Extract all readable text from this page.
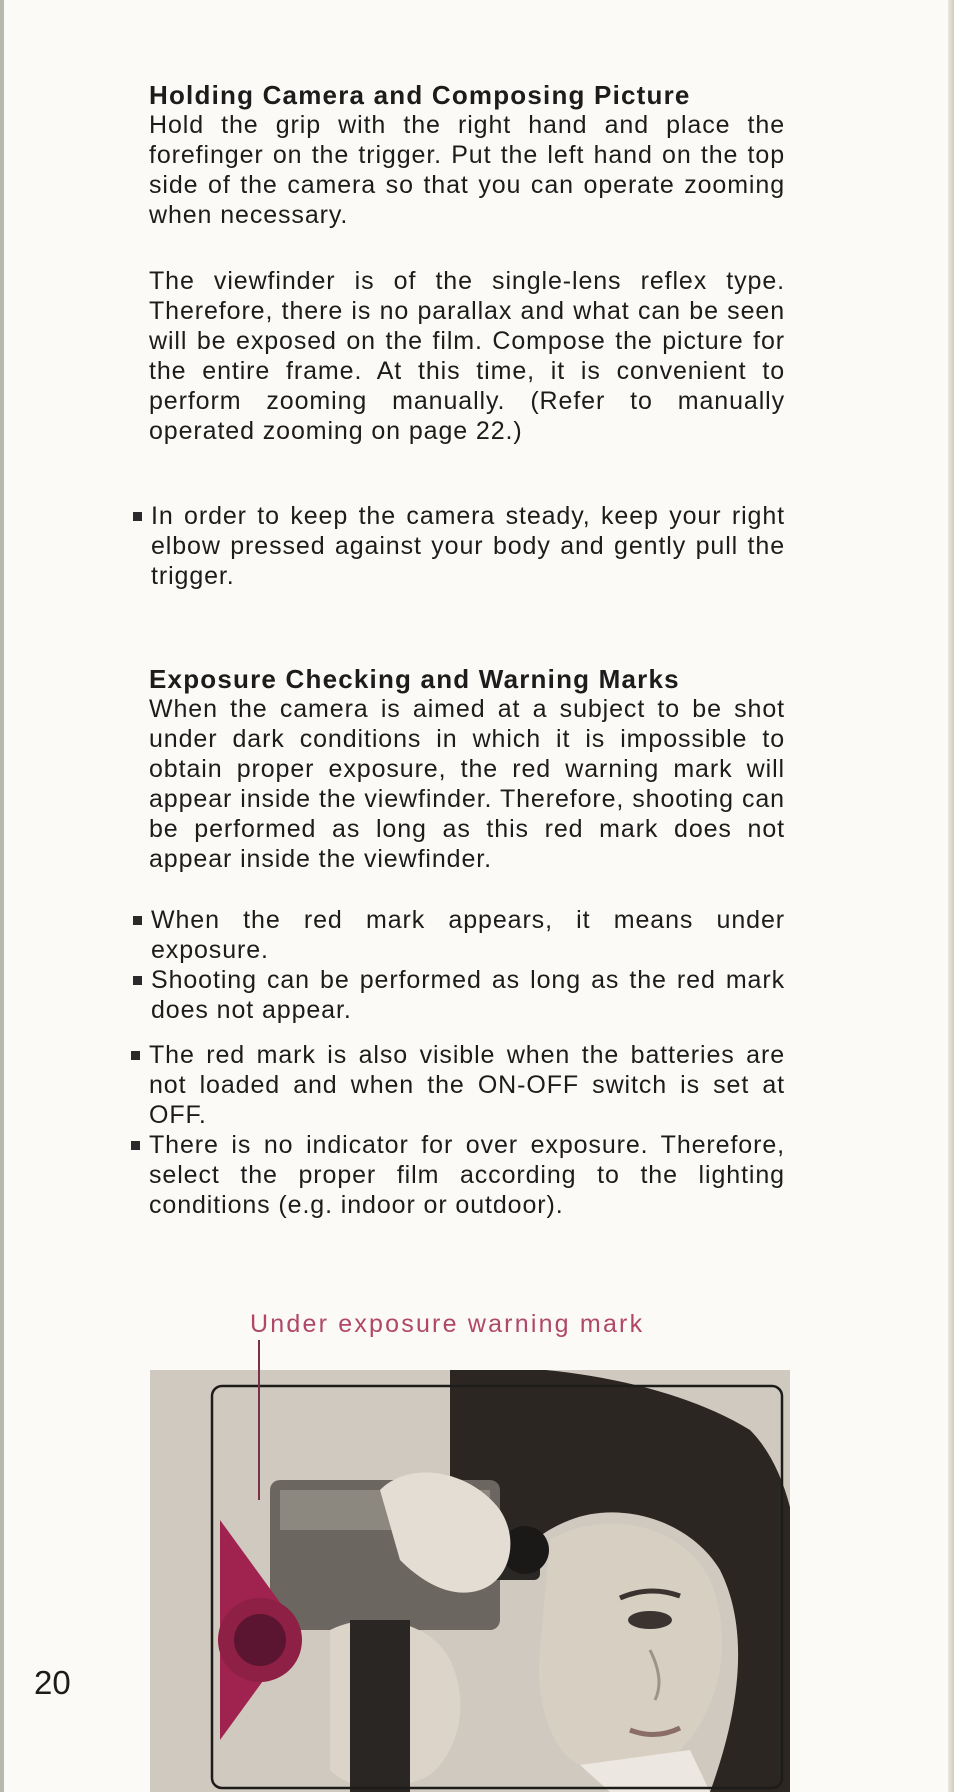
Holding Camera and Composing Picture

Hold the grip with the right hand and place the forefinger on the trigger. Put the left hand on the top side of the camera so that you can operate zooming when necessary.

The viewfinder is of the single-lens reflex type. Therefore, there is no parallax and what can be seen will be exposed on the film. Compose the picture for the entire frame. At this time, it is convenient to perform zooming manually. (Refer to manually operated zooming on page 22.)

In order to keep the camera steady, keep your right elbow pressed against your body and gently pull the trigger.
Exposure Checking and Warning Marks

When the camera is aimed at a subject to be shot under dark conditions in which it is impossible to obtain proper exposure, the red warning mark will appear inside the viewfinder. Therefore, shooting can be performed as long as this red mark does not appear inside the viewfinder.

When the red mark appears, it means under exposure.
Shooting can be performed as long as the red mark does not appear.
The red mark is also visible when the batteries are not loaded and when the ON-OFF switch is set at OFF.
There is no indicator for over exposure. Therefore, select the proper film according to the lighting conditions (e.g. indoor or outdoor).
Under exposure warning mark
20
